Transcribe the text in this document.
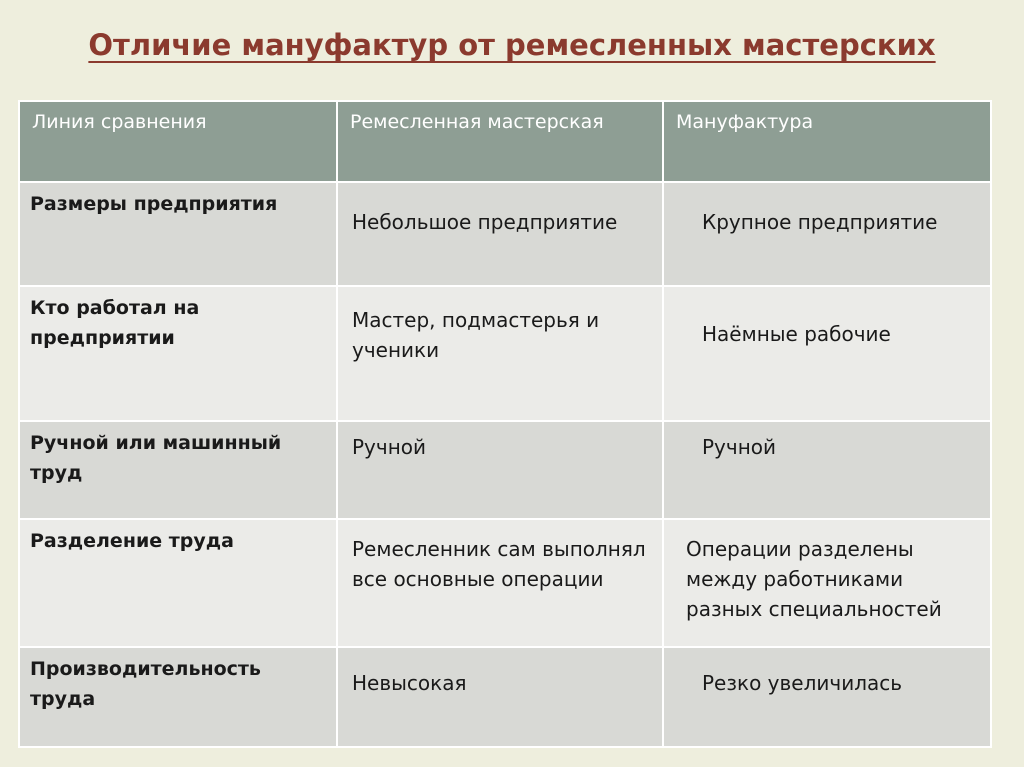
Отличие мануфактур от ремесленных мастерских
Линия сравнения	Ремесленная мастерская	Мануфактура
Размеры предприятия	Небольшое предприятие	Крупное предприятие
Кто работал на предприятии	Мастер, подмастерья и ученики	Наёмные рабочие
Ручной или машинный труд	Ручной	Ручной
Разделение труда	Ремесленник сам выполнял все основные операции	Операции разделены между работниками разных специальностей
Производительность труда	Невысокая	Резко увеличилась
